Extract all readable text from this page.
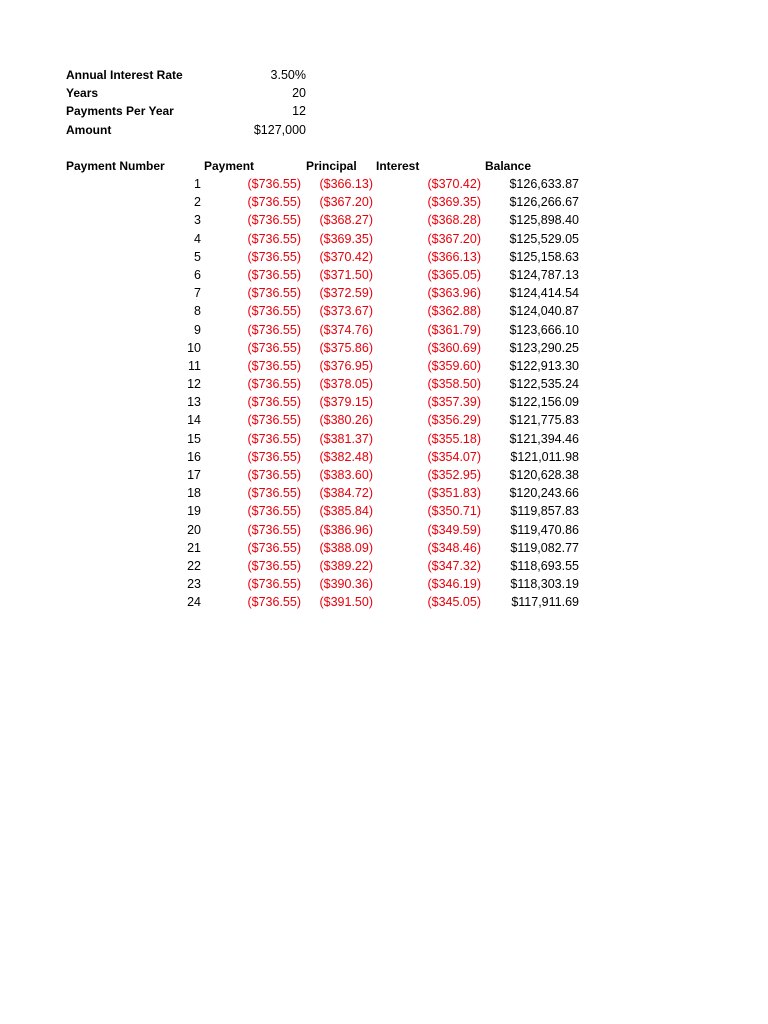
Annual Interest Rate	3.50%
Years	20
Payments Per Year	12
Amount	$127,000
Payment Number	Payment	Principal Interest	Balance
1	($736.55) ($366.13)	($370.42) $126,633.87
2	($736.55) ($367.20)	($369.35) $126,266.67
3	($736.55) ($368.27)	($368.28) $125,898.40
4	($736.55) ($369.35)	($367.20) $125,529.05
5	($736.55) ($370.42)	($366.13) $125,158.63
6	($736.55) ($371.50)	($365.05) $124,787.13
7	($736.55) ($372.59)	($363.96) $124,414.54
8	($736.55) ($373.67)	($362.88) $124,040.87
9	($736.55) ($374.76)	($361.79) $123,666.10
10	($736.55) ($375.86)	($360.69) $123,290.25
11	($736.55) ($376.95)	($359.60) $122,913.30
12	($736.55) ($378.05)	($358.50) $122,535.24
13	($736.55) ($379.15)	($357.39) $122,156.09
14	($736.55) ($380.26)	($356.29) $121,775.83
15	($736.55) ($381.37)	($355.18) $121,394.46
16	($736.55) ($382.48)	($354.07) $121,011.98
17	($736.55) ($383.60)	($352.95) $120,628.38
18	($736.55) ($384.72)	($351.83) $120,243.66
19	($736.55) ($385.84)	($350.71) $119,857.83
20	($736.55) ($386.96)	($349.59) $119,470.86
21	($736.55) ($388.09)	($348.46) $119,082.77
22	($736.55) ($389.22)	($347.32) $118,693.55
23	($736.55) ($390.36)	($346.19) $118,303.19
24	($736.55) ($391.50)	($345.05) $117,911.69
